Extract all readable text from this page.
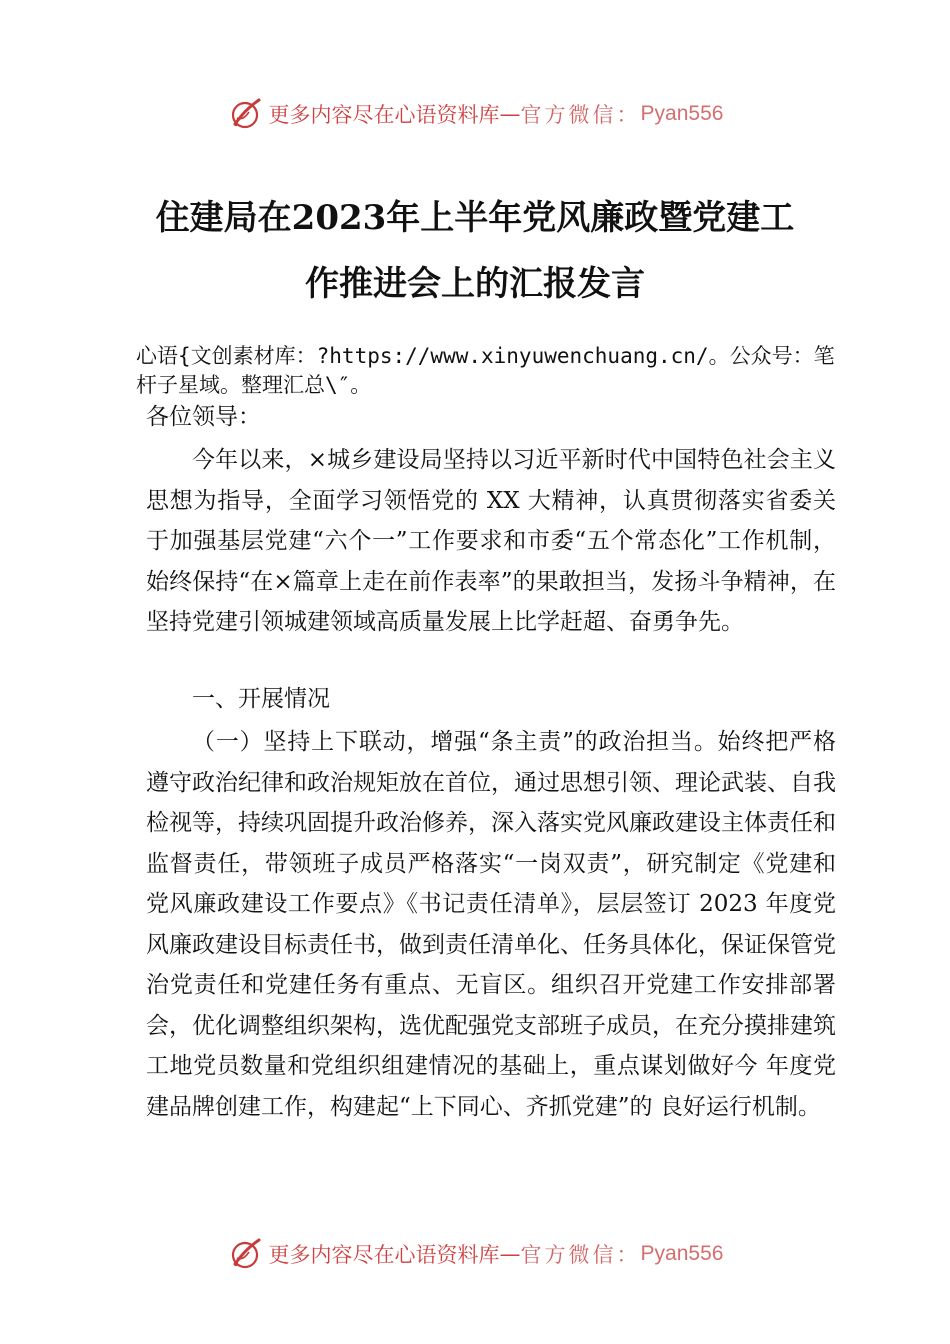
更多内容尽在心语资料库 — 官方微信： Pyan556
住建局在2023年上半年党风廉政暨党建工
作推进会上的汇报发言
心语{文创素材库：?https://www.xinyuwenchuang.cn/。公众号：笔杆子星域。整理汇总\″。
各位领导：
今年以来，×城乡建设局坚持以习近平新时代中国特色社会主义思想为指导，全面学习领悟党的 XX 大精神，认真贯彻落实省委关于加强基层党建“六个一”工作要求和市委“五个常态化”工作机制，始终保持“在×篇章上走在前作表率”的果敢担当，发扬斗争精神，在坚持党建引领城建领域高质量发展上比学赶超、奋勇争先。
一、开展情况
（一）坚持上下联动，增强“条主责”的政治担当。始终把严格遵守政治纪律和政治规矩放在首位，通过思想引领、理论武装、自我检视等，持续巩固提升政治修养，深入落实党风廉政建设主体责任和监督责任，带领班子成员严格落实“一岗双责”，研究制定《党建和党风廉政建设工作要点》《书记责任清单》，层层签订 2023 年度党风廉政建设目标责任书，做到责任清单化、任务具体化，保证保管党治党责任和党建任务有重点、无盲区。组织召开党建工作安排部署会，优化调整组织架构，选优配强党支部班子成员，在充分摸排建筑 工地党员数量和党组织组建情况的基础上，重点谋划做好今 年度党建品牌创建工作，构建起“上下同心、齐抓党建”的 良好运行机制。
更多内容尽在心语资料库 — 官方微信： Pyan556
